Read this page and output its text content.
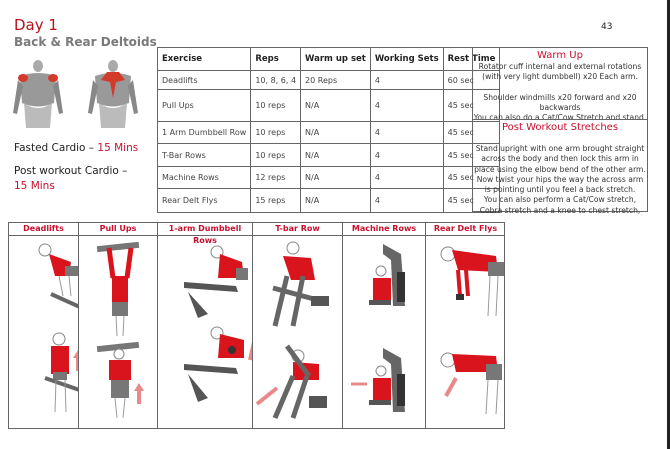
Day 1
Back & Rear Deltoids
43
Fasted Cardio – 15 Mins
Post workout Cardio –
15 Mins
Exercise	Reps	Warm up set	Working Sets	Rest Time
Deadlifts	10, 8, 6, 4	20 Reps	4	60 sec
Pull Ups	10 reps	N/A	4	45 sec
1 Arm Dumbbell Row	10 reps	N/A	4	45 sec
T-Bar Rows	10 reps	N/A	4	45 sec
Machine Rows	12 reps	N/A	4	45 sec
Rear Delt Flys	15 reps	N/A	4	45 sec
Warm Up

Rotator cuff internal and external rotations (with very light dumbbell) x20 Each arm.

Shoulder windmills x20 forward and x20 backwards

You can also do a Cat/Cow Stretch and stand.

Post Workout Stretches

Stand upright with one arm brought straight across the body and then lock this arm in place using the elbow bend of the other arm. Now twist your hips the way the across arm is pointing until you feel a back stretch.

You can also perform a Cat/Cow stretch, Cobra stretch and a knee to chest stretch,

Deadlifts	Pull Ups	1-arm Dumbbell Rows
T-bar Row	Machine Rows	Rear Delt Flys
